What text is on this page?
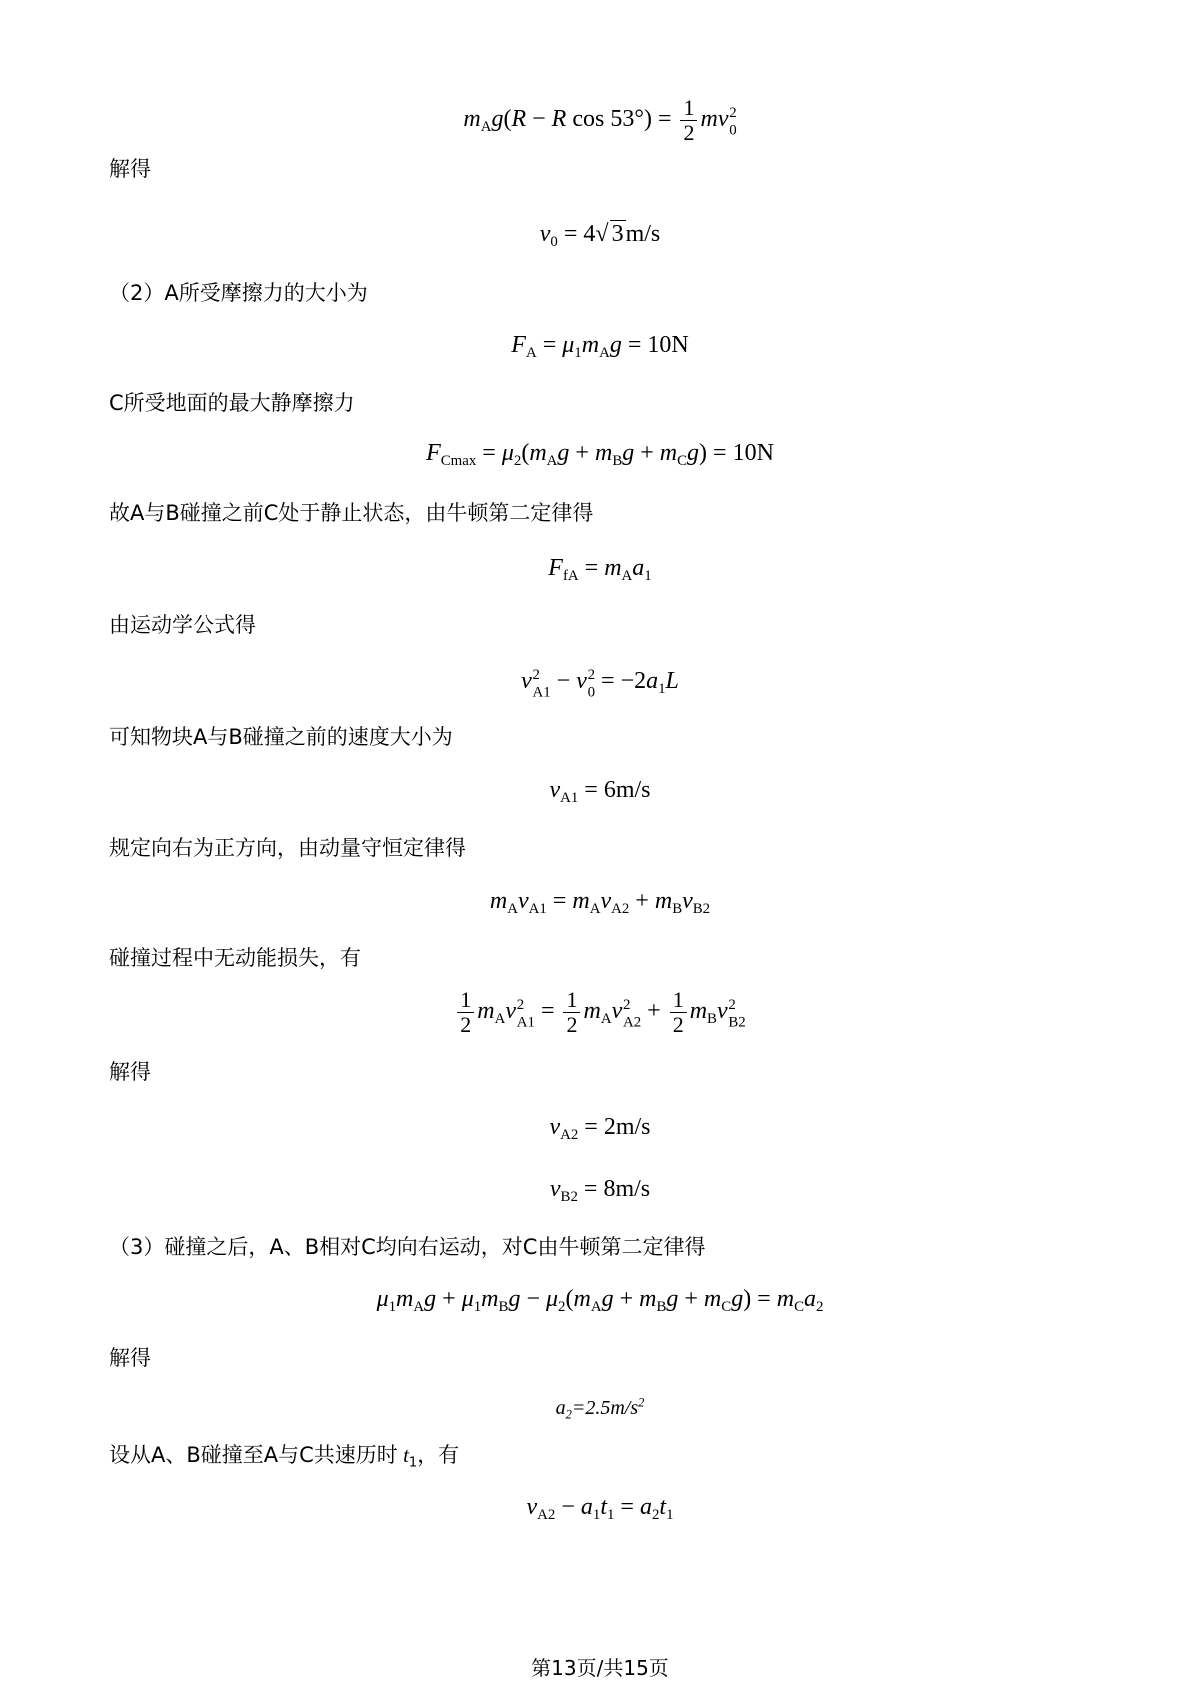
$m_Ag(R - R$ $\cos 53^\circ) = \frac{1}{2}$ mv 2
0
解得
$v_0 = 4√$ 3m/s
（2）A所受摩擦力的大小为
$F_A = \mu_1m_Ag = 10N$
C所受地面的最大静摩擦力
$F_{Cmax} = \mu_2(m_Ag + m_Bg + m_Cg) = 10N$
故A与B碰撞之前C处于静止状态，由牛顿第二定律得
$F_{fA} = m_Aa_1$
由运动学公式得
v 2
A1 − v 2
$0 = -2a_1L$
可知物块A与B碰撞之前的速度大小为
$v_{A1} = 6m/s$
规定向右为正方向，由动量守恒定律得
$m_Av_{A1} = m_Av_{A2} + m_Bv_{B2}$
碰撞过程中无动能损失，有
$\frac{1}{2} m_Av$ 2
$A1 = \frac{1}{2} m_Av$ 2
$A2 + \frac{1}{2} m_Bv$ 2
B2
解得
$v_{A2} = 2m/s$
$v_{B2} = 8m/s$
（3）碰撞之后，A、B相对C均向右运动，对C由牛顿第二定律得
$\mu_1m_Ag + \mu_1m_Bg - \mu_2(m_Ag + m_Bg + m_Cg) = m_Ca_2$
解得
$a_2=2.5m/s^2$
设从A、B碰撞至A与C共速历时 $t_1$，有
$v_{A2} - a_1t_1 = a_2t_1$
第13页/共15页
